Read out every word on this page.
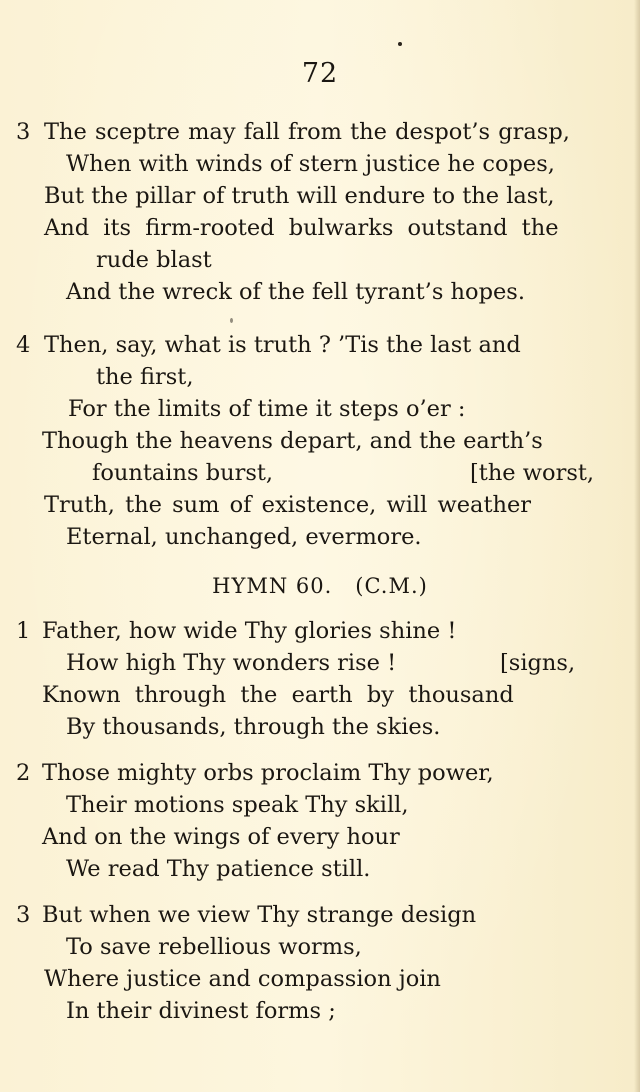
72
3 The sceptre may fall from the despot’s grasp,
When with winds of stern justice he copes,
But the pillar of truth will endure to the last,
And its firm-rooted bulwarks outstand the
rude blast
And the wreck of the fell tyrant’s hopes.
4 Then, say, what is truth ? ’Tis the last and
the first,
For the limits of time it steps o’er :
Though the heavens depart, and the earth’s
fountains burst,	[the worst,
Truth, the sum of existence, will weather
Eternal, unchanged, evermore.
HYMN 60.   (C.M.)
1 Father, how wide Thy glories shine !
How high Thy wonders rise !	[signs,
Known  through  the  earth  by  thousand
By thousands, through the skies.
2 Those mighty orbs proclaim Thy power,
Their motions speak Thy skill,
And on the wings of every hour
We read Thy patience still.
3 But when we view Thy strange design
To save rebellious worms,
Where justice and compassion join
In their divinest forms ;
